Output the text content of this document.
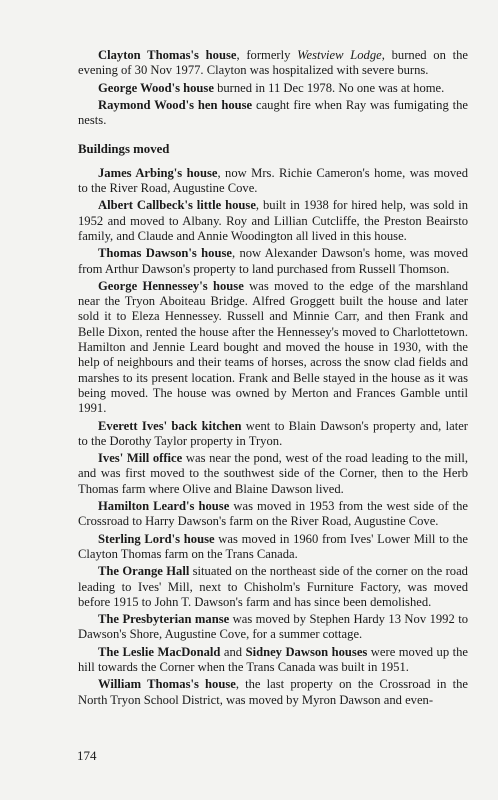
Clayton Thomas's house, formerly Westview Lodge, burned on the evening of 30 Nov 1977. Clayton was hospitalized with severe burns.

George Wood's house burned in 11 Dec 1978. No one was at home.

Raymond Wood's hen house caught fire when Ray was fumigating the nests.

Buildings moved

James Arbing's house, now Mrs. Richie Cameron's home, was moved to the River Road, Augustine Cove.

Albert Callbeck's little house, built in 1938 for hired help, was sold in 1952 and moved to Albany. Roy and Lillian Cutcliffe, the Preston Beairsto family, and Claude and Annie Woodington all lived in this house.

Thomas Dawson's house, now Alexander Dawson's home, was moved from Arthur Dawson's property to land purchased from Russell Thomson.

George Hennessey's house was moved to the edge of the marshland near the Tryon Aboiteau Bridge. Alfred Groggett built the house and later sold it to Eleza Hennessey. Russell and Minnie Carr, and then Frank and Belle Dixon, rented the house after the Hennessey's moved to Charlottetown. Hamilton and Jennie Leard bought and moved the house in 1930, with the help of neighbours and their teams of horses, across the snow clad fields and marshes to its present location. Frank and Belle stayed in the house as it was being moved. The house was owned by Merton and Frances Gamble until 1991.

Everett Ives' back kitchen went to Blain Dawson's property and, later to the Dorothy Taylor property in Tryon.

Ives' Mill office was near the pond, west of the road leading to the mill, and was first moved to the southwest side of the Corner, then to the Herb Thomas farm where Olive and Blaine Dawson lived.

Hamilton Leard's house was moved in 1953 from the west side of the Crossroad to Harry Dawson's farm on the River Road, Augustine Cove.

Sterling Lord's house was moved in 1960 from Ives' Lower Mill to the Clayton Thomas farm on the Trans Canada.

The Orange Hall situated on the northeast side of the corner on the road leading to Ives' Mill, next to Chisholm's Furniture Factory, was moved before 1915 to John T. Dawson's farm and has since been demolished.

The Presbyterian manse was moved by Stephen Hardy 13 Nov 1992 to Dawson's Shore, Augustine Cove, for a summer cottage.

The Leslie MacDonald and Sidney Dawson houses were moved up the hill towards the Corner when the Trans Canada was built in 1951.

William Thomas's house, the last property on the Crossroad in the North Tryon School District, was moved by Myron Dawson and even-

174
